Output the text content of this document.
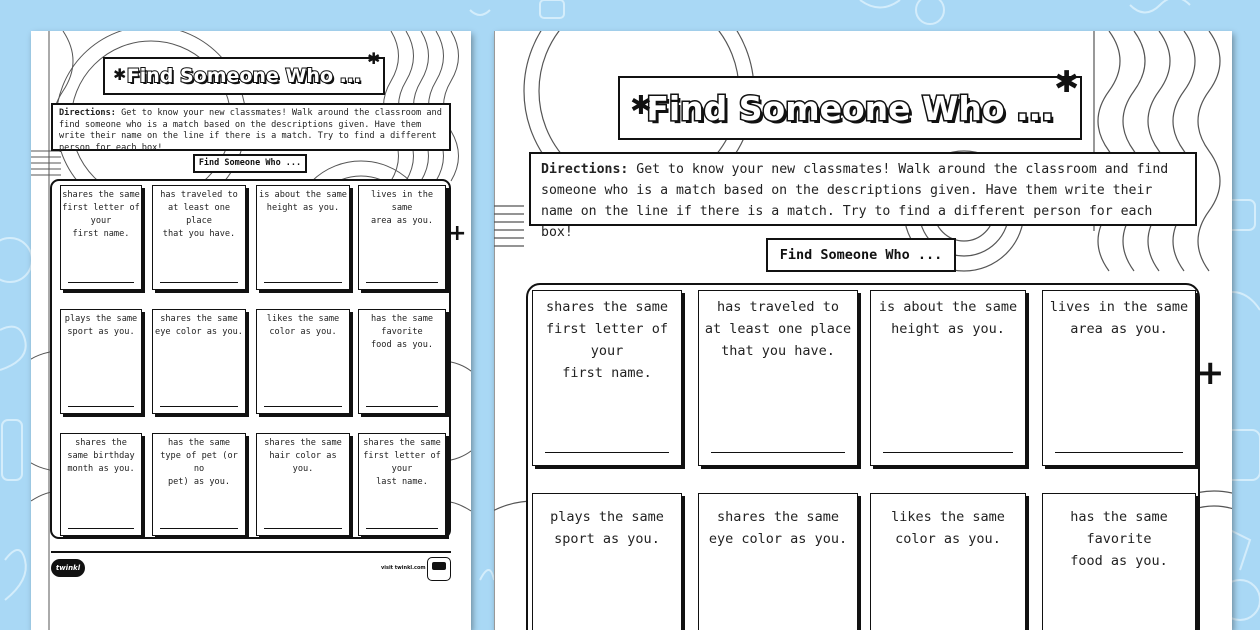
Find Someone Who ...
✱
✱
Directions: Get to know your new classmates! Walk around the classroom and find someone who is a match based on the descriptions given. Have them write their name on the line if there is a match. Try to find a different person for each box!
Find Someone Who ...
shares the same
first letter of your
first name.
has traveled to
at least one place
that you have.
is about the same
height as you.
lives in the same
area as you.
plays the same
sport as you.
shares the same
eye color as you.
likes the same
color as you.
has the same
favorite
food as you.
shares the
same birthday
month as you.
has the same
type of pet (or no
pet) as you.
shares the same
hair color as you.
shares the same
first letter of your
last name.
+
twinkl	visit twinkl.com
Find Someone Who ...
✱
✱
Directions: Get to know your new classmates! Walk around the classroom and find someone who is a match based on the descriptions given. Have them write their name on the line if there is a match. Try to find a different person for each box!
Find Someone Who ...
shares the same
first letter of your
first name.
has traveled to
at least one place
that you have.
is about the same
height as you.
lives in the same
area as you.
plays the same
sport as you.
shares the same
eye color as you.
likes the same
color as you.
has the same
favorite
food as you.
+
